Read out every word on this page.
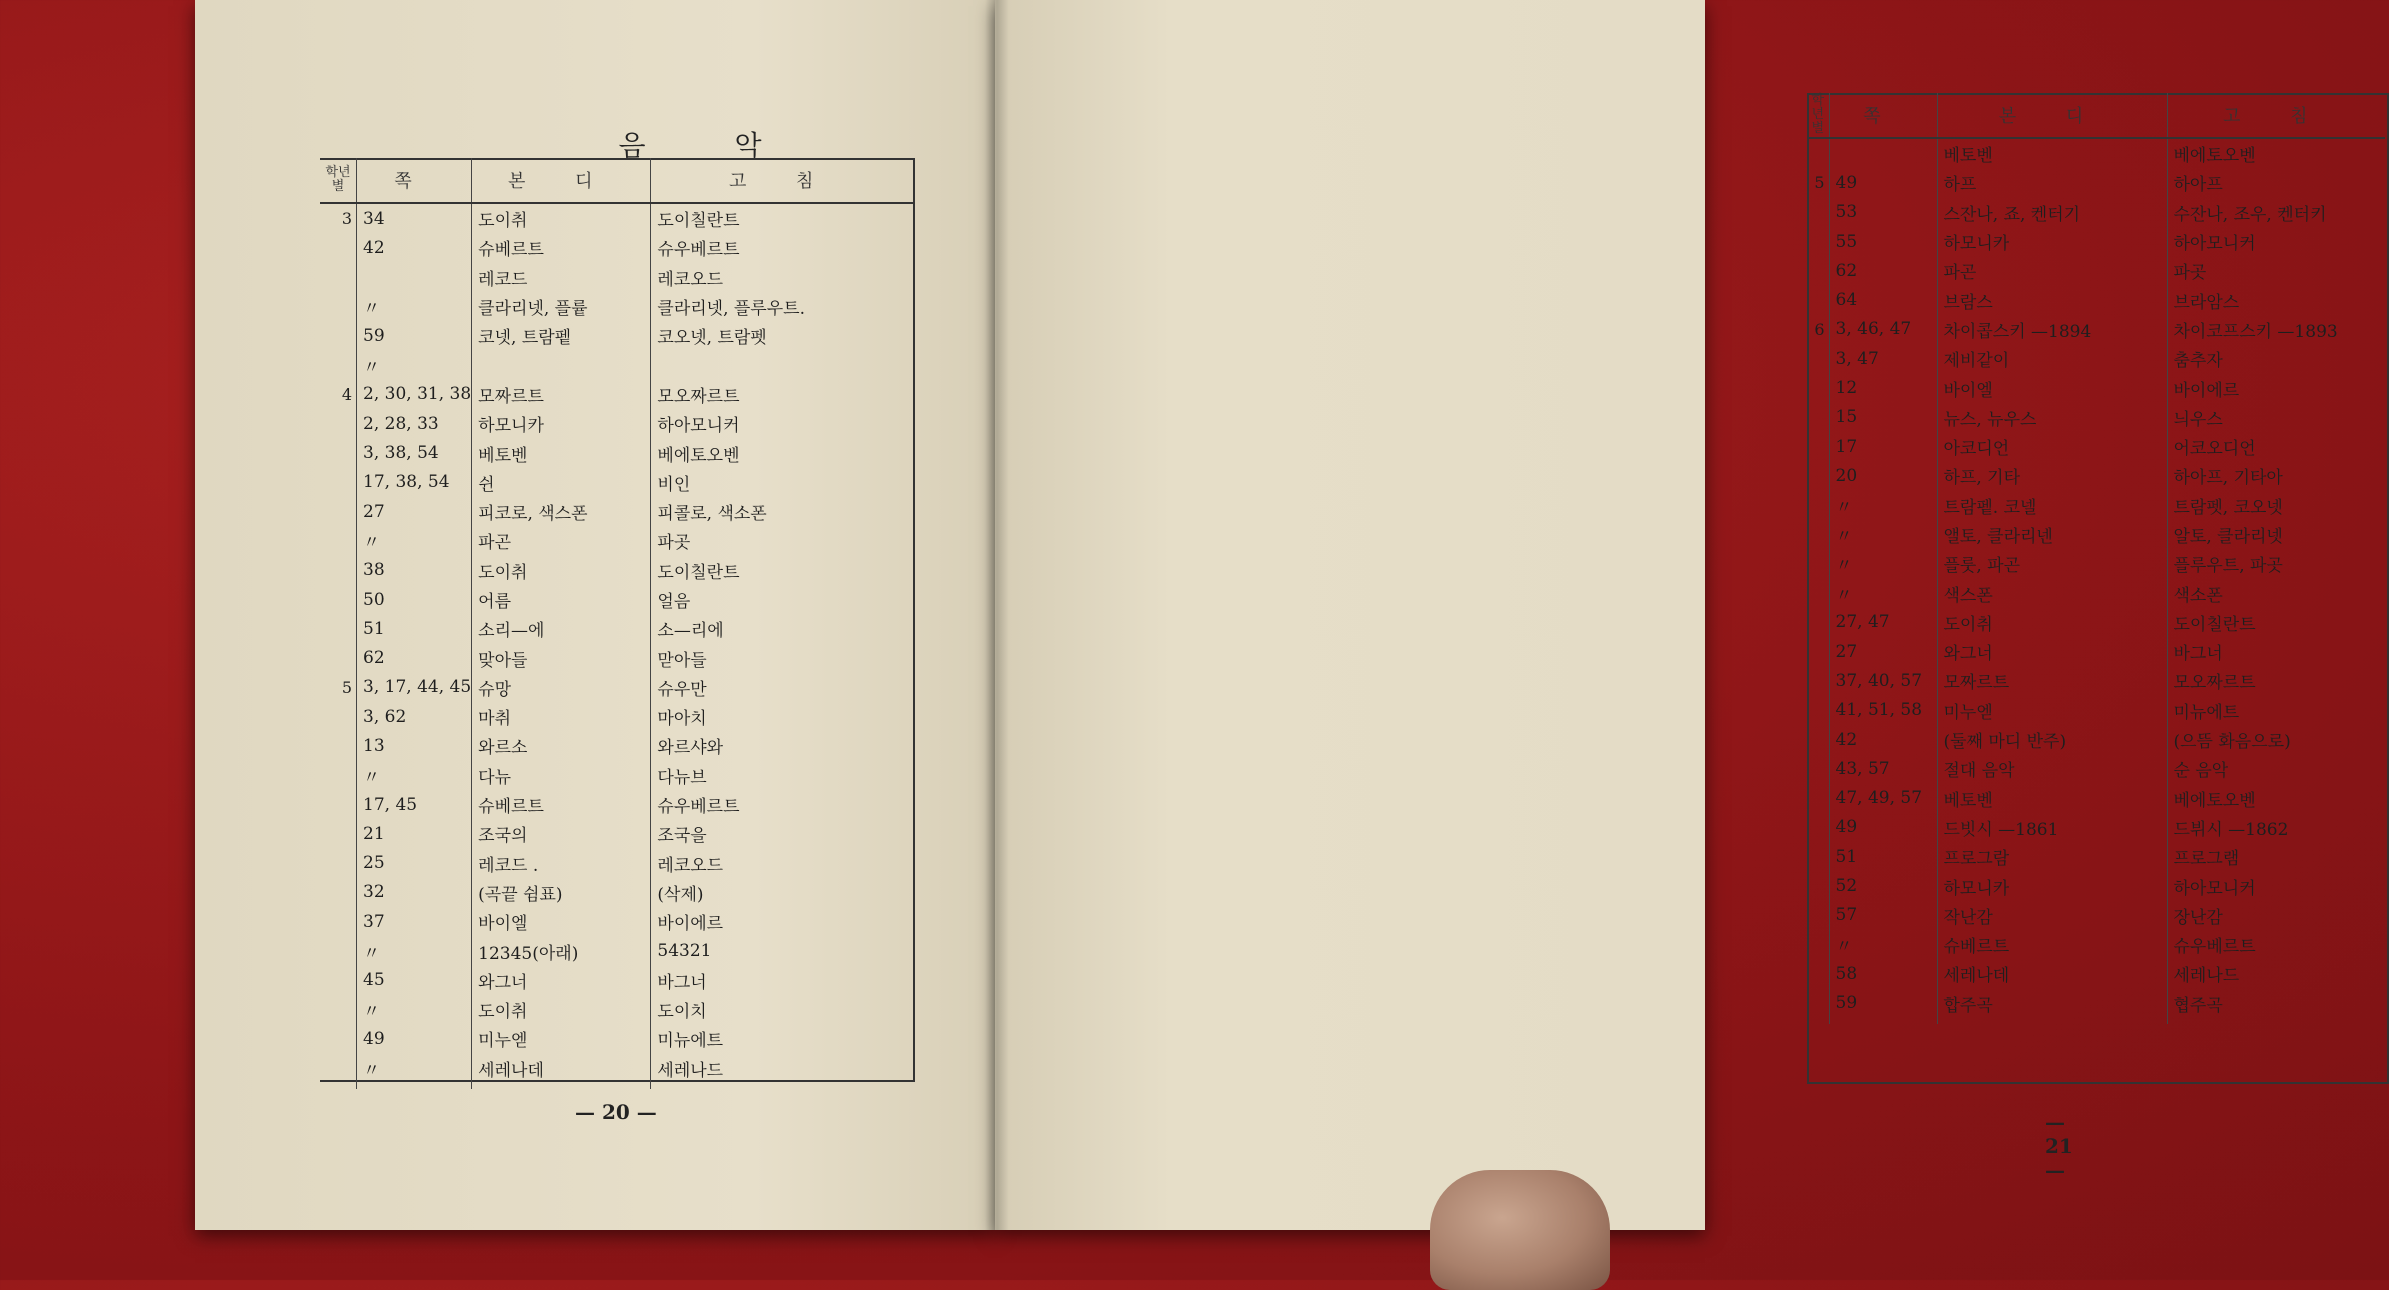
음 악
학년 별	쪽	본 디	고 침
3	34	도이취	도이칠란트
	42	슈베르트	슈우베르트
		레코드	레코오드
	〃	클라리넷, 플륱	클라리넷, 플루우트.
	59	코넷, 트람펱	코오넷, 트람펫
	〃		
4	2, 30, 31, 38	모짜르트	모오짜르트
	2, 28, 33	하모니카	하아모니커
	3, 38, 54	베토벤	베에토오벤
	17, 38, 54	쉰	비인
	27	피코로, 색스폰	피콜로, 색소폰
	〃	파곤	파곳
	38	도이취	도이칠란트
	50	어름	얼음
	51	소리—에	소—리에
	62	맞아들	맏아들
5	3, 17, 44, 45	슈망	슈우만
	3, 62	마취	마아치
	13	와르소	와르샤와
	〃	다뉴	다뉴브
	17, 45	슈베르트	슈우베르트
	21	조국의	조국을
	25	레코드 .	레코오드
	32	(곡끝 쉼표)	(삭제)
	37	바이엘	바이에르
	〃	12345(아래)	54321
	45	와그너	바그너
	〃	도이취	도이치
	49	미누엗	미뉴에트
	〃	세레나데	세레나드
— 20 —
학년 별	쪽	본 디	고 침
		베토벤	베에토오벤
5	49	하프	하아프
	53	스잔나, 죠, 켄터기	수잔나, 조우, 켄터키
	55	하모니카	하아모니커
	62	파곤	파곳
	64	브람스	브라암스
6	3, 46, 47	차이콥스키 —1894	차이코프스키 —1893
	3, 47	제비같이	춤추자
	12	바이엘	바이에르
	15	뉴스, 뉴우스	늬우스
	17	아코디언	어코오디언
	20	하프, 기타	하아프, 기타아
	〃	트람펱. 코넬	트람펫, 코오넷
	〃	앨토, 클라리넨	알토, 클라리넷
	〃	플룻, 파곤	플루우트, 파곳
	〃	색스폰	색소폰
	27, 47	도이취	도이칠란트
	27	와그너	바그너
	37, 40, 57	모짜르트	모오짜르트
	41, 51, 58	미누엗	미뉴에트
	42	(둘째 마디 반주)	(으뜸 화음으로)
	43, 57	절대 음악	순 음악
	47, 49, 57	베토벤	베에토오벤
	49	드빗시 —1861	드뷔시 —1862
	51	프로그람	프로그램
	52	하모니카	하아모니커
	57	작난감	장난감
	〃	슈베르트	슈우베르트
	58	세레나데	세레나드
	59	합주곡	협주곡
— 21 —
